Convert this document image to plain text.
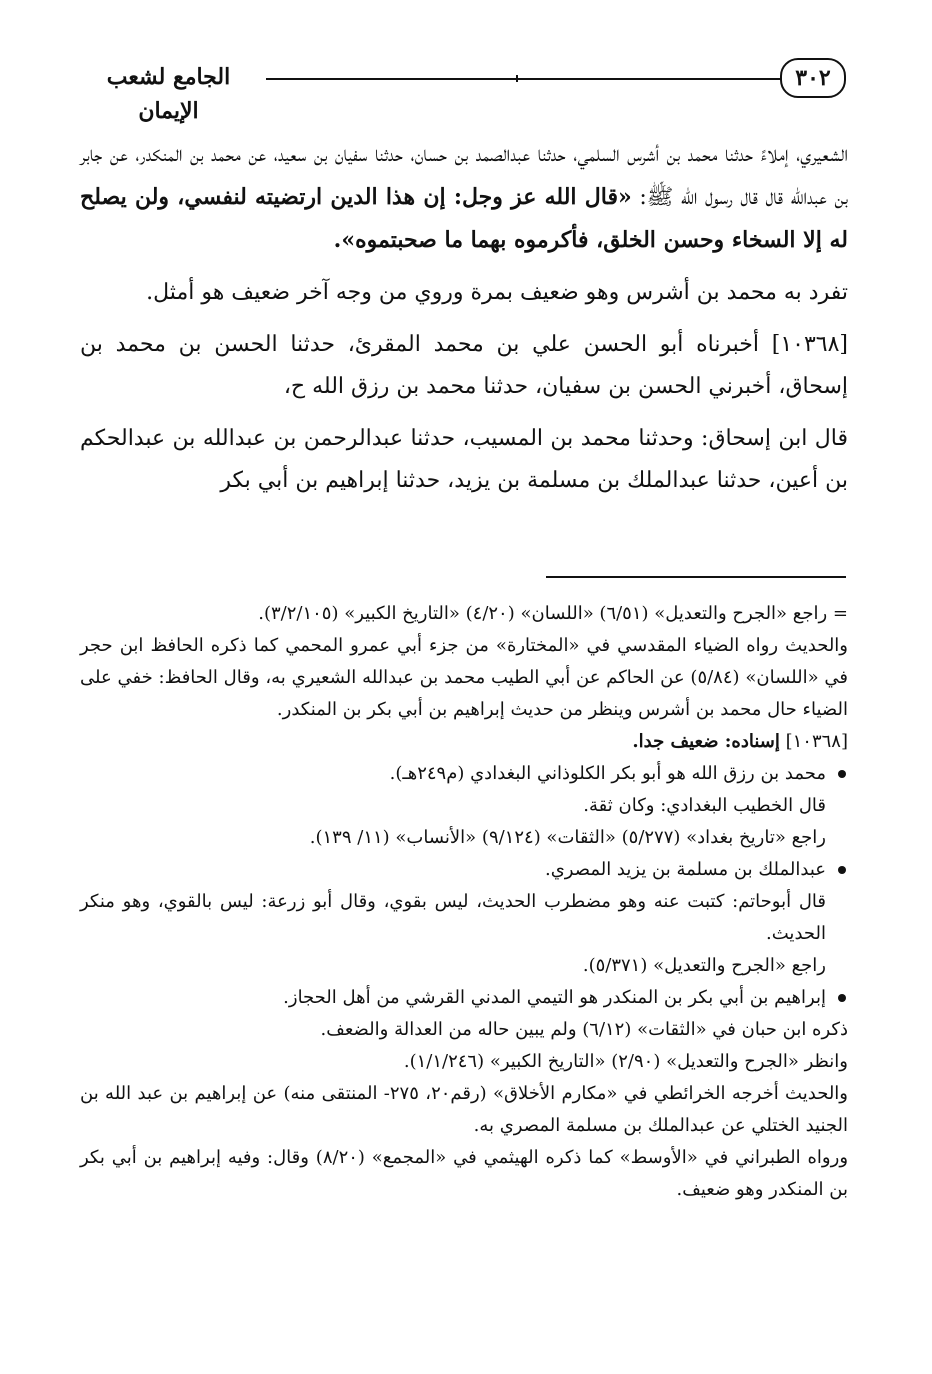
٣٠٢
الجامع لشعب الإيمان

الشعيري، إملاءً حدثنا محمد بن أشرس السلمي، حدثنا عبدالصمد بن حسان، حدثنا سفيان بن سعيد، عن محمد بن المنكدر، عن جابر بن عبدالله قال قال رسول الله ﷺ: «قال الله عز وجل: إن هذا الدين ارتضيته لنفسي، ولن يصلح له إلا السخاء وحسن الخلق، فأكرموه بهما ما صحبتموه».

تفرد به محمد بن أشرس وهو ضعيف بمرة وروي من وجه آخر ضعيف هو أمثل.

[١٠٣٦٨] أخبرناه أبو الحسن علي بن محمد المقرئ، حدثنا الحسن بن محمد بن إسحاق، أخبرني الحسن بن سفيان، حدثنا محمد بن رزق الله ح،

قال ابن إسحاق: وحدثنا محمد بن المسيب، حدثنا عبدالرحمن بن عبدالله بن عبدالحكم بن أعين، حدثنا عبدالملك بن مسلمة بن يزيد، حدثنا إبراهيم بن أبي بكر

= راجع «الجرح والتعديل» (٦/٥١) «اللسان» (٤/٢٠) «التاريخ الكبير» (٣/٢/١٠٥).

والحديث رواه الضياء المقدسي في «المختارة» من جزء أبي عمرو المحمي كما ذكره الحافظ ابن حجر في «اللسان» (٥/٨٤) عن الحاكم عن أبي الطيب محمد بن عبدالله الشعيري به، وقال الحافظ: خفي على الضياء حال محمد بن أشرس وينظر من حديث إبراهيم بن أبي بكر بن المنكدر.

[١٠٣٦٨] إسناده: ضعيف جدا.

محمد بن رزق الله هو أبو بكر الكلوذاني البغدادي (م٢٤٩هـ).

قال الخطيب البغدادي: وكان ثقة.

راجع «تاريخ بغداد» (٥/٢٧٧) «الثقات» (٩/١٢٤) «الأنساب» (١١/ ١٣٩).

عبدالملك بن مسلمة بن يزيد المصري.

قال أبوحاتم: كتبت عنه وهو مضطرب الحديث، ليس بقوي، وقال أبو زرعة: ليس بالقوي، وهو منكر الحديث.

راجع «الجرح والتعديل» (٥/٣٧١).

إبراهيم بن أبي بكر بن المنكدر هو التيمي المدني القرشي من أهل الحجاز.

ذكره ابن حبان في «الثقات» (٦/١٢) ولم يبين حاله من العدالة والضعف.

وانظر «الجرح والتعديل» (٢/٩٠) «التاريخ الكبير» (١/١/٢٤٦).

والحديث أخرجه الخرائطي في «مكارم الأخلاق» (رقم٢٠، ٢٧٥- المنتقى منه) عن إبراهيم بن عبد الله بن الجنيد الختلي عن عبدالملك بن مسلمة المصري به.

ورواه الطبراني في «الأوسط» كما ذكره الهيثمي في «المجمع» (٨/٢٠) وقال: وفيه إبراهيم بن أبي بكر بن المنكدر وهو ضعيف.
